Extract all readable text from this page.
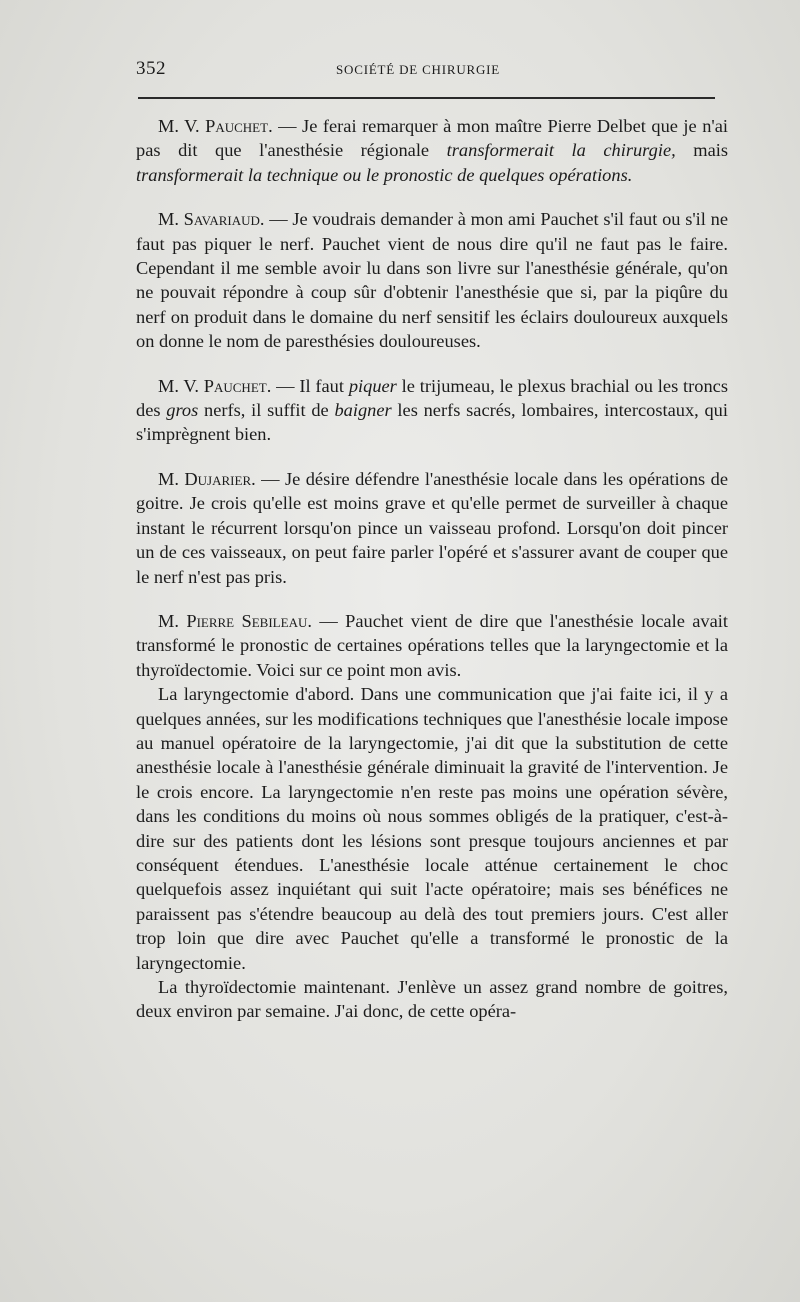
352	SOCIÉTÉ DE CHIRURGIE

M. V. Pauchet. — Je ferai remarquer à mon maître Pierre Delbet que je n'ai pas dit que l'anesthésie régionale transformerait la chirurgie, mais transformerait la technique ou le pronostic de quelques opérations.

M. Savariaud. — Je voudrais demander à mon ami Pauchet s'il faut ou s'il ne faut pas piquer le nerf. Pauchet vient de nous dire qu'il ne faut pas le faire. Cependant il me semble avoir lu dans son livre sur l'anesthésie générale, qu'on ne pouvait répondre à coup sûr d'obtenir l'anesthésie que si, par la piqûre du nerf on produit dans le domaine du nerf sensitif les éclairs douloureux auxquels on donne le nom de paresthésies douloureuses.

M. V. Pauchet. — Il faut piquer le trijumeau, le plexus brachial ou les troncs des gros nerfs, il suffit de baigner les nerfs sacrés, lombaires, intercostaux, qui s'imprègnent bien.

M. Dujarier. — Je désire défendre l'anesthésie locale dans les opérations de goitre. Je crois qu'elle est moins grave et qu'elle permet de surveiller à chaque instant le récurrent lorsqu'on pince un vaisseau profond. Lorsqu'on doit pincer un de ces vaisseaux, on peut faire parler l'opéré et s'assurer avant de couper que le nerf n'est pas pris.

M. Pierre Sebileau. — Pauchet vient de dire que l'anesthésie locale avait transformé le pronostic de certaines opérations telles que la laryngectomie et la thyroïdectomie. Voici sur ce point mon avis.

La laryngectomie d'abord. Dans une communication que j'ai faite ici, il y a quelques années, sur les modifications techniques que l'anesthésie locale impose au manuel opératoire de la laryngectomie, j'ai dit que la substitution de cette anesthésie locale à l'anesthésie générale diminuait la gravité de l'intervention. Je le crois encore. La laryngectomie n'en reste pas moins une opération sévère, dans les conditions du moins où nous sommes obligés de la pratiquer, c'est-à-dire sur des patients dont les lésions sont presque toujours anciennes et par conséquent étendues. L'anesthésie locale atténue certainement le choc quelquefois assez inquiétant qui suit l'acte opératoire; mais ses bénéfices ne paraissent pas s'étendre beaucoup au delà des tout premiers jours. C'est aller trop loin que dire avec Pauchet qu'elle a transformé le pronostic de la laryngectomie.

La thyroïdectomie maintenant. J'enlève un assez grand nombre de goitres, deux environ par semaine. J'ai donc, de cette opéra-
